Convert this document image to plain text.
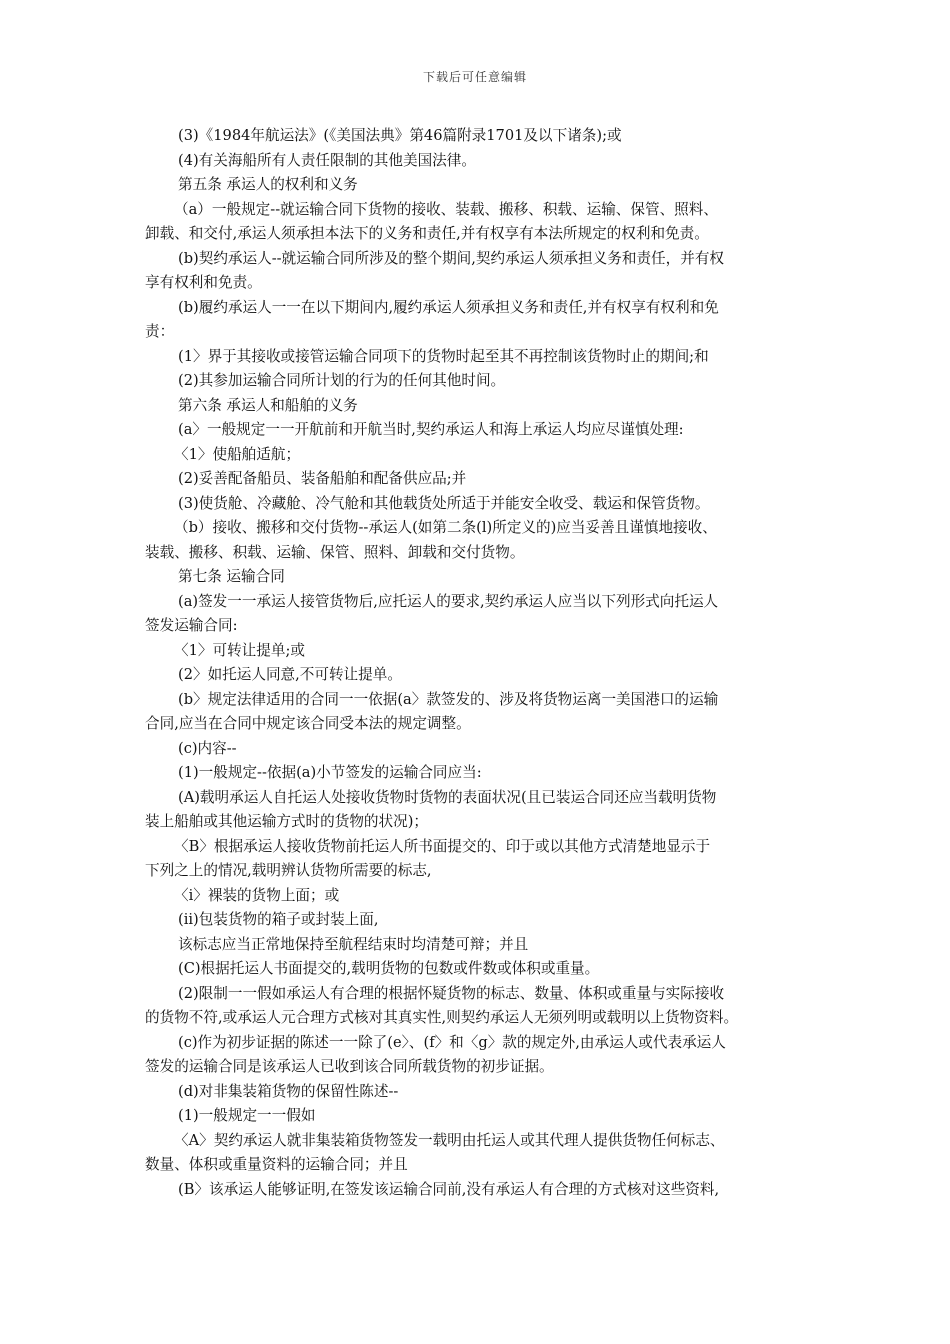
下载后可任意编辑
(3)《1984年航运法》(《美国法典》第46篇附录1701及以下诸条);或
(4)有关海船所有人责任限制的其他美国法律。
第五条 承运人的权利和义务
（a）一般规定--就运输合同下货物的接收、装载、搬移、积载、运输、保管、照料、
卸载、和交付,承运人须承担本法下的义务和责任,并有权享有本法所规定的权利和免责。
(b)契约承运人--就运输合同所涉及的整个期间,契约承运人须承担义务和责任，并有权
享有权利和免责。
(b)履约承运人一一在以下期间内,履约承运人须承担义务和责任,并有权享有权利和免
责：
(1〉界于其接收或接管运输合同项下的货物时起至其不再控制该货物时止的期间;和
(2)其参加运输合同所计划的行为的任何其他时间。
第六条 承运人和船舶的义务
(a〉一般规定一一开航前和开航当时,契约承运人和海上承运人均应尽谨慎处理:
〈1〉使船舶适航；
(2)妥善配备船员、装备船舶和配备供应品;并
(3)使货舱、冷藏舱、冷气舱和其他载货处所适于并能安全收受、载运和保管货物。
（b）接收、搬移和交付货物--承运人(如第二条(l)所定义的)应当妥善且谨慎地接收、
装载、搬移、积载、运输、保管、照料、卸载和交付货物。
第七条 运输合同
(a)签发一一承运人接管货物后,应托运人的要求,契约承运人应当以下列形式向托运人
签发运输合同:
〈1〉可转让提单;或
(2〉如托运人同意,不可转让提单。
(b〉规定法律适用的合同一一依据(a〉款签发的、涉及将货物运离一美国港口的运输
合同,应当在合同中规定该合同受本法的规定调整。
(c)内容--
(1)一般规定--依据(a)小节签发的运输合同应当:
(A)载明承运人自托运人处接收货物时货物的表面状况(且已装运合同还应当载明货物
装上船舶或其他运输方式时的货物的状况)；
〈B〉根据承运人接收货物前托运人所书面提交的、印于或以其他方式清楚地显示于
下列之上的情况,载明辨认货物所需要的标志,
〈i〉裸装的货物上面；或
(ii)包装货物的箱子或封装上面,
该标志应当正常地保持至航程结束时均清楚可辩；并且
(C)根据托运人书面提交的,载明货物的包数或件数或体积或重量。
(2)限制一一假如承运人有合理的根据怀疑货物的标志、数量、体积或重量与实际接收
的货物不符,或承运人元合理方式核对其真实性,则契约承运人无须列明或载明以上货物资料。
(c)作为初步证据的陈述一一除了(e〉、(f〉和〈g〉款的规定外,由承运人或代表承运人
签发的运输合同是该承运人已收到该合同所载货物的初步证据。
(d)对非集装箱货物的保留性陈述--
(1)一般规定一一假如
〈A〉契约承运人就非集装箱货物签发一载明由托运人或其代理人提供货物任何标志、
数量、体积或重量资料的运输合同；并且
(B〉该承运人能够证明,在签发该运输合同前,没有承运人有合理的方式核对这些资料,
